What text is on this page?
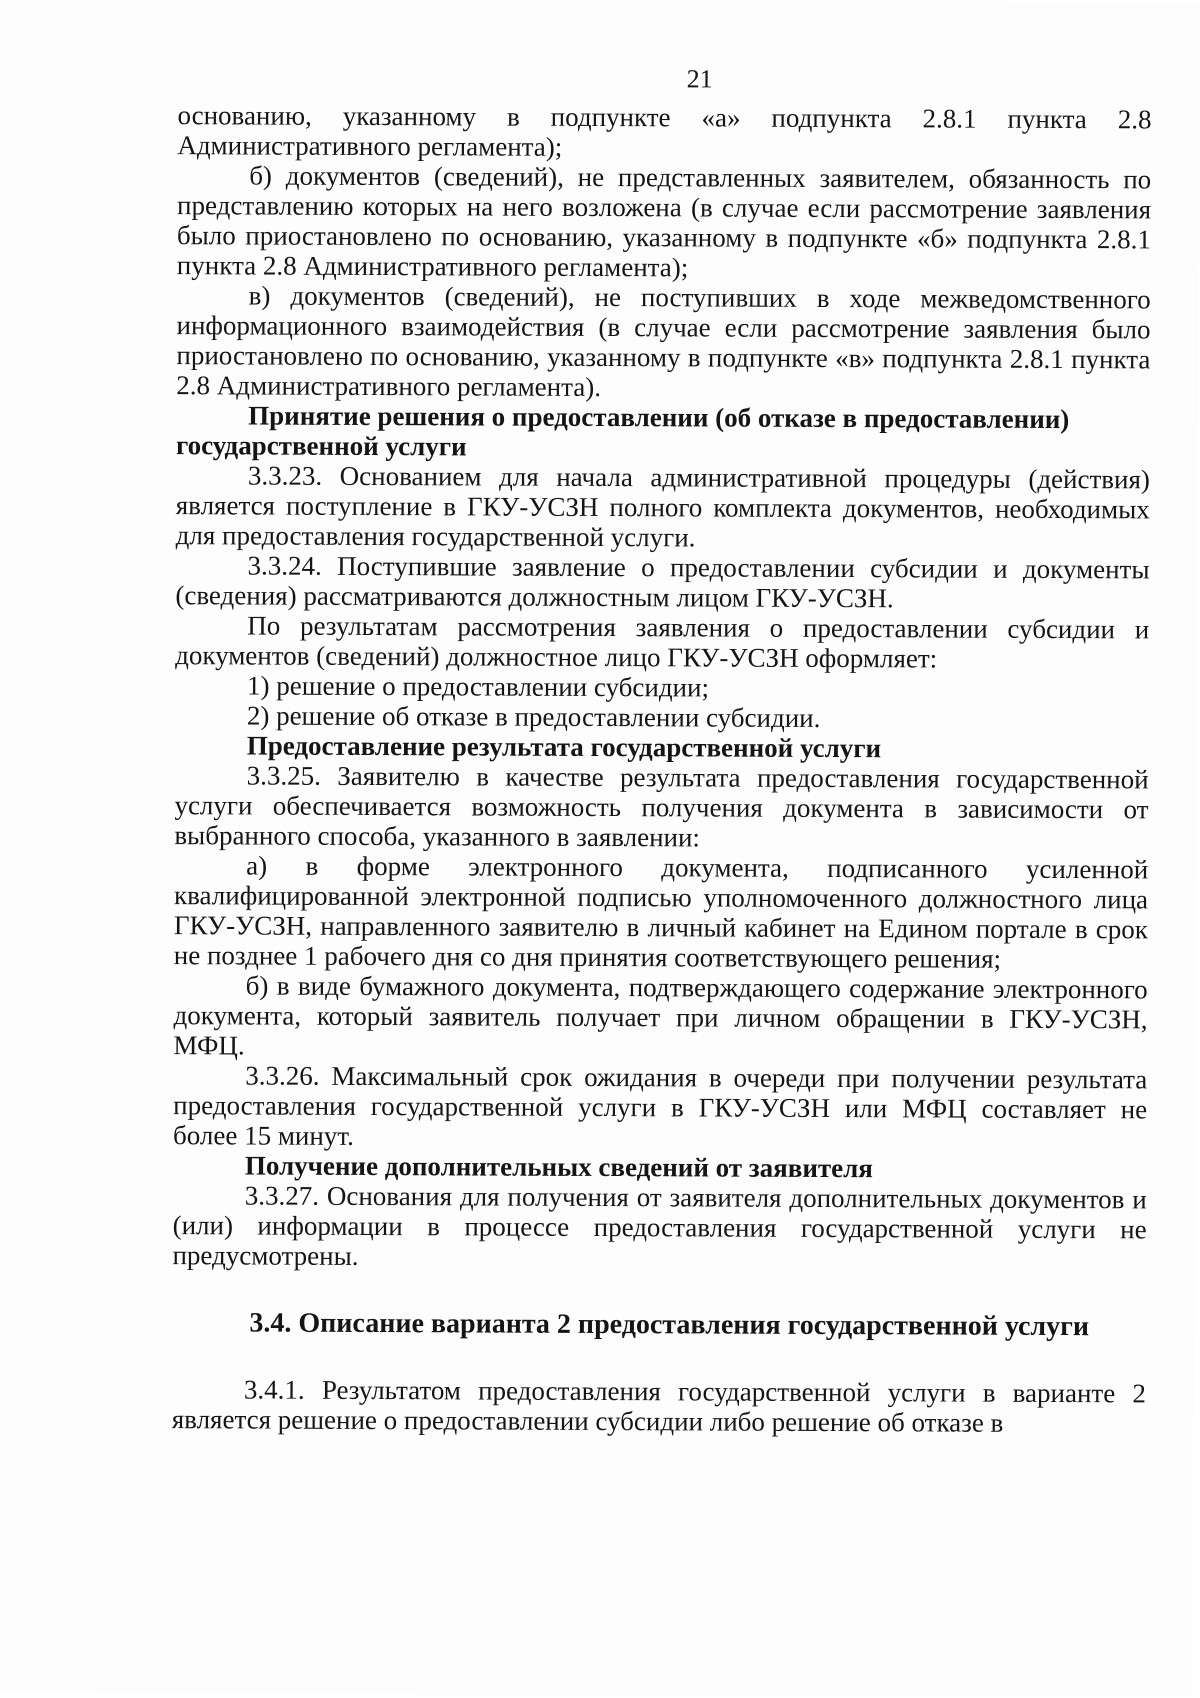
21

основанию, указанному в подпункте «а» подпункта 2.8.1 пункта 2.8 Административного регламента);

б) документов (сведений), не представленных заявителем, обязанность по представлению которых на него возложена (в случае если рассмотрение заявления было приостановлено по основанию, указанному в подпункте «б» подпункта 2.8.1 пункта 2.8 Административного регламента);

в) документов (сведений), не поступивших в ходе межведомственного информационного взаимодействия (в случае если рассмотрение заявления было приостановлено по основанию, указанному в подпункте «в» подпункта 2.8.1 пункта 2.8 Административного регламента).

Принятие решения о предоставлении (об отказе в предоставлении) государственной услуги

3.3.23. Основанием для начала административной процедуры (действия) является поступление в ГКУ-УСЗН полного комплекта документов, необходимых для предоставления государственной услуги.

3.3.24. Поступившие заявление о предоставлении субсидии и документы (сведения) рассматриваются должностным лицом ГКУ-УСЗН.

По результатам рассмотрения заявления о предоставлении субсидии и документов (сведений) должностное лицо ГКУ-УСЗН оформляет:

1) решение о предоставлении субсидии;

2) решение об отказе в предоставлении субсидии.

Предоставление результата государственной услуги

3.3.25. Заявителю в качестве результата предоставления государственной услуги обеспечивается возможность получения документа в зависимости от выбранного способа, указанного в заявлении:

а) в форме электронного документа, подписанного усиленной квалифицированной электронной подписью уполномоченного должностного лица ГКУ-УСЗН, направленного заявителю в личный кабинет на Едином портале в срок не позднее 1 рабочего дня со дня принятия соответствующего решения;

б) в виде бумажного документа, подтверждающего содержание электронного документа, который заявитель получает при личном обращении в ГКУ-УСЗН, МФЦ.

3.3.26. Максимальный срок ожидания в очереди при получении результата предоставления государственной услуги в ГКУ-УСЗН или МФЦ составляет не более 15 минут.

Получение дополнительных сведений от заявителя

3.3.27. Основания для получения от заявителя дополнительных документов и (или) информации в процессе предоставления государственной услуги не предусмотрены.

3.4. Описание варианта 2 предоставления государственной услуги

3.4.1. Результатом предоставления государственной услуги в варианте 2 является решение о предоставлении субсидии либо решение об отказе в
